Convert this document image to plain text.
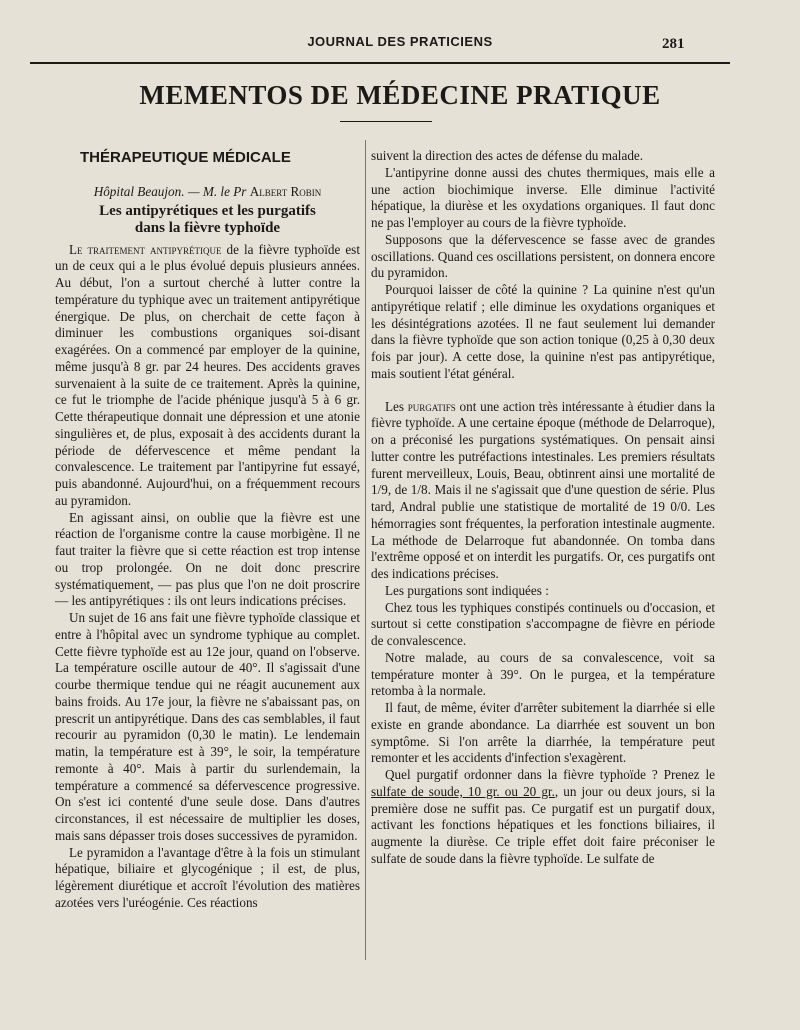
JOURNAL DES PRATICIENS	281
MEMENTOS DE MÉDECINE PRATIQUE
THÉRAPEUTIQUE MÉDICALE
Hôpital Beaujon. — M. le Pr Albert Robin
Les antipyrétiques et les purgatifs
dans la fièvre typhoïde

Le traitement antipyrétique de la fièvre typhoïde est un de ceux qui a le plus évolué depuis plusieurs années. Au début, l'on a surtout cherché à lutter contre la température du typhique avec un traitement antipyrétique énergique. De plus, on cherchait de cette façon à diminuer les combustions organiques soi-disant exagérées. On a commencé par employer de la quinine, même jusqu'à 8 gr. par 24 heures. Des accidents graves survenaient à la suite de ce traitement. Après la quinine, ce fut le triomphe de l'acide phénique jusqu'à 5 à 6 gr. Cette thérapeutique donnait une dépression et une atonie singulières et, de plus, exposait à des accidents durant la période de défervescence et même pendant la convalescence. Le traitement par l'antipyrine fut essayé, puis abandonné. Aujourd'hui, on a fréquemment recours au pyramidon.

En agissant ainsi, on oublie que la fièvre est une réaction de l'organisme contre la cause morbigène. Il ne faut traiter la fièvre que si cette réaction est trop intense ou trop prolongée. On ne doit donc prescrire systématiquement, — pas plus que l'on ne doit proscrire — les antipyrétiques : ils ont leurs indications précises.

Un sujet de 16 ans fait une fièvre typhoïde classique et entre à l'hôpital avec un syndrome typhique au complet. Cette fièvre typhoïde est au 12e jour, quand on l'observe. La température oscille autour de 40°. Il s'agissait d'une courbe thermique tendue qui ne réagit aucunement aux bains froids. Au 17e jour, la fièvre ne s'abaissant pas, on prescrit un antipyrétique. Dans des cas semblables, il faut recourir au pyramidon (0,30 le matin). Le lendemain matin, la température est à 39°, le soir, la température remonte à 40°. Mais à partir du surlendemain, la température a commencé sa défervescence progressive. On s'est ici contenté d'une seule dose. Dans d'autres circonstances, il est nécessaire de multiplier les doses, mais sans dépasser trois doses successives de pyramidon.

Le pyramidon a l'avantage d'être à la fois un stimulant hépatique, biliaire et glycogénique ; il est, de plus, légèrement diurétique et accroît l'évolution des matières azotées vers l'uréogénie. Ces réactions

suivent la direction des actes de défense du malade.

L'antipyrine donne aussi des chutes thermiques, mais elle a une action biochimique inverse. Elle diminue l'activité hépatique, la diurèse et les oxydations organiques. Il faut donc ne pas l'employer au cours de la fièvre typhoïde.

Supposons que la défervescence se fasse avec de grandes oscillations. Quand ces oscillations persistent, on donnera encore du pyramidon.

Pourquoi laisser de côté la quinine ? La quinine n'est qu'un antipyrétique relatif ; elle diminue les oxydations organiques et les désintégrations azotées. Il ne faut seulement lui demander dans la fièvre typhoïde que son action tonique (0,25 à 0,30 deux fois par jour). A cette dose, la quinine n'est pas antipyrétique, mais soutient l'état général.

Les purgatifs ont une action très intéressante à étudier dans la fièvre typhoïde. A une certaine époque (méthode de Delarroque), on a préconisé les purgations systématiques. On pensait ainsi lutter contre les putréfactions intestinales. Les premiers résultats furent merveilleux, Louis, Beau, obtinrent ainsi une mortalité de 1/9, de 1/8. Mais il ne s'agissait que d'une question de série. Plus tard, Andral publie une statistique de mortalité de 19 0/0. Les hémorragies sont fréquentes, la perforation intestinale augmente. La méthode de Delarroque fut abandonnée. On tomba dans l'extrême opposé et on interdit les purgatifs. Or, ces purgatifs ont des indications précises.

Les purgations sont indiquées :

Chez tous les typhiques constipés continuels ou d'occasion, et surtout si cette constipation s'accompagne de fièvre en période de convalescence.

Notre malade, au cours de sa convalescence, voit sa température monter à 39°. On le purgea, et la température retomba à la normale.

Il faut, de même, éviter d'arrêter subitement la diarrhée si elle existe en grande abondance. La diarrhée est souvent un bon symptôme. Si l'on arrête la diarrhée, la température peut remonter et les accidents d'infection s'exagèrent.

Quel purgatif ordonner dans la fièvre typhoïde ? Prenez le sulfate de soude, 10 gr. ou 20 gr., un jour ou deux jours, si la première dose ne suffit pas. Ce purgatif est un purgatif doux, activant les fonctions hépatiques et les fonctions biliaires, il augmente la diurèse. Ce triple effet doit faire préconiser le sulfate de soude dans la fièvre typhoïde. Le sulfate de
